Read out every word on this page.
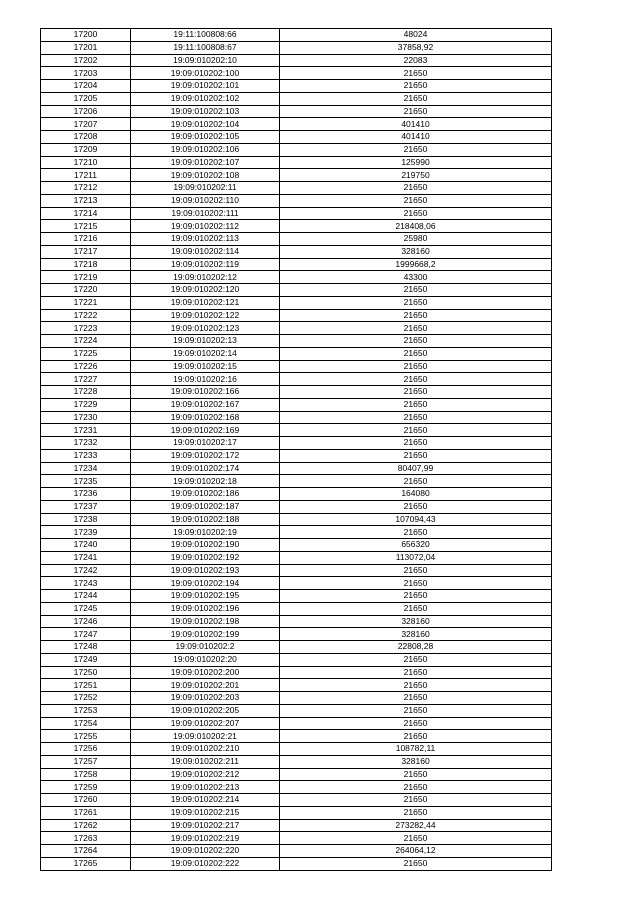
17200	19:11:100808:66	48024
17201	19:11:100808:67	37858,92
17202	19:09:010202:10	22083
17203	19:09:010202:100	21650
17204	19:09:010202:101	21650
17205	19:09:010202:102	21650
17206	19:09:010202:103	21650
17207	19:09:010202:104	401410
17208	19:09:010202:105	401410
17209	19:09:010202:106	21650
17210	19:09:010202:107	125990
17211	19:09:010202:108	219750
17212	19:09:010202:11	21650
17213	19:09:010202:110	21650
17214	19:09:010202:111	21650
17215	19:09:010202:112	218408,06
17216	19:09:010202:113	25980
17217	19:09:010202:114	328160
17218	19:09:010202:119	1999668,2
17219	19:09:010202:12	43300
17220	19:09:010202:120	21650
17221	19:09:010202:121	21650
17222	19:09:010202:122	21650
17223	19:09:010202:123	21650
17224	19:09:010202:13	21650
17225	19:09:010202:14	21650
17226	19:09:010202:15	21650
17227	19:09:010202:16	21650
17228	19:09:010202:166	21650
17229	19:09:010202:167	21650
17230	19:09:010202:168	21650
17231	19:09:010202:169	21650
17232	19:09:010202:17	21650
17233	19:09:010202:172	21650
17234	19:09:010202:174	80407,99
17235	19:09:010202:18	21650
17236	19:09:010202:186	164080
17237	19:09:010202:187	21650
17238	19:09:010202:188	107094,43
17239	19:09:010202:19	21650
17240	19:09:010202:190	656320
17241	19:09:010202:192	113072,04
17242	19:09:010202:193	21650
17243	19:09:010202:194	21650
17244	19:09:010202:195	21650
17245	19:09:010202:196	21650
17246	19:09:010202:198	328160
17247	19:09:010202:199	328160
17248	19:09:010202:2	22808,28
17249	19:09:010202:20	21650
17250	19:09:010202:200	21650
17251	19:09:010202:201	21650
17252	19:09:010202:203	21650
17253	19:09:010202:205	21650
17254	19:09:010202:207	21650
17255	19:09:010202:21	21650
17256	19:09:010202:210	108782,11
17257	19:09:010202:211	328160
17258	19:09:010202:212	21650
17259	19:09:010202:213	21650
17260	19:09:010202:214	21650
17261	19:09:010202:215	21650
17262	19:09:010202:217	273282,44
17263	19:09:010202:219	21650
17264	19:09:010202:220	264064,12
17265	19:09:010202:222	21650
